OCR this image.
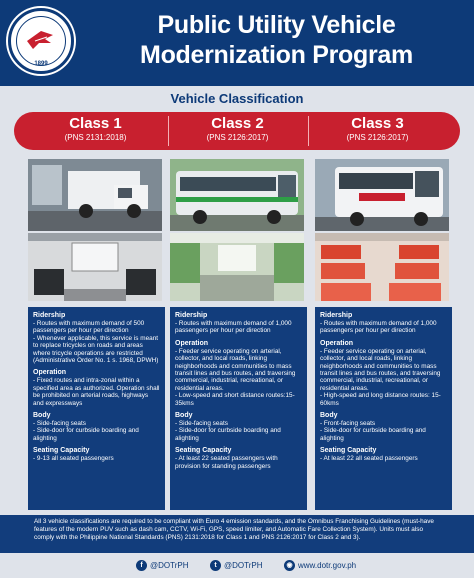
1899
Public Utility Vehicle
Modernization Program
Vehicle Classification
Class 1
(PNS 2131:2018)
Class 2
(PNS 2126:2017)
Class 3
(PNS 2126:2017)
Ridership
- Routes with maximum demand of 500 passengers per hour per direction
- Whenever applicable, this service is meant to replace tricycles on roads and areas where tricycle operations are restricted (Administrative Order No. 1 s. 1968, DPWH)
Operation
- Fixed routes and intra-zonal within a specified area as authorized. Operation shall be prohibited on arterial roads, highways and expressways
Body
- Side-facing seats
- Side-door for curbside boarding and alighting
Seating Capacity
- 9-13 all seated passengers
Ridership
- Routes with maximum demand of 1,000 passengers per hour per direction
Operation
- Feeder service operating on arterial, collector, and local roads, linking neighborhoods and communities to mass transit lines and bus routes, and traversing commercial, industrial, recreational, or residential areas.
- Low-speed and short distance routes:15-35kms
Body
- Side-facing seats
- Side-door for curbside boarding and alighting
Seating Capacity
- At least 22 seated passengers with provision for standing passengers
Ridership
- Routes with maximum demand of 1,000 passengers per hour per direction
Operation
- Feeder service operating on arterial, collector, and local roads, linking neighborhoods and communities to mass transit lines and bus routes, and traversing commercial, industrial, recreational, or residential areas.
- High-speed and long distance routes: 15-60kms
Body
- Front-facing seats
- Side-door for curbside boarding and alighting
Seating Capacity
- At least 22 all seated passengers
All 3 vehicle classifications are required to be compliant with Euro 4 emission standards, and the Omnibus Franchising Guidelines (must-have features of the modern PUV such as dash cam, CCTV, Wi-Fi, GPS, speed limiter, and Automatic Fare Collection System). Units must also comply with the Philippine National Standards (PNS) 2131:2018 for Class 1 and PNS 2126:2017 for Class 2 and 3).
f @DOTrPH	t @DOTrPH	◉ www.dotr.gov.ph
